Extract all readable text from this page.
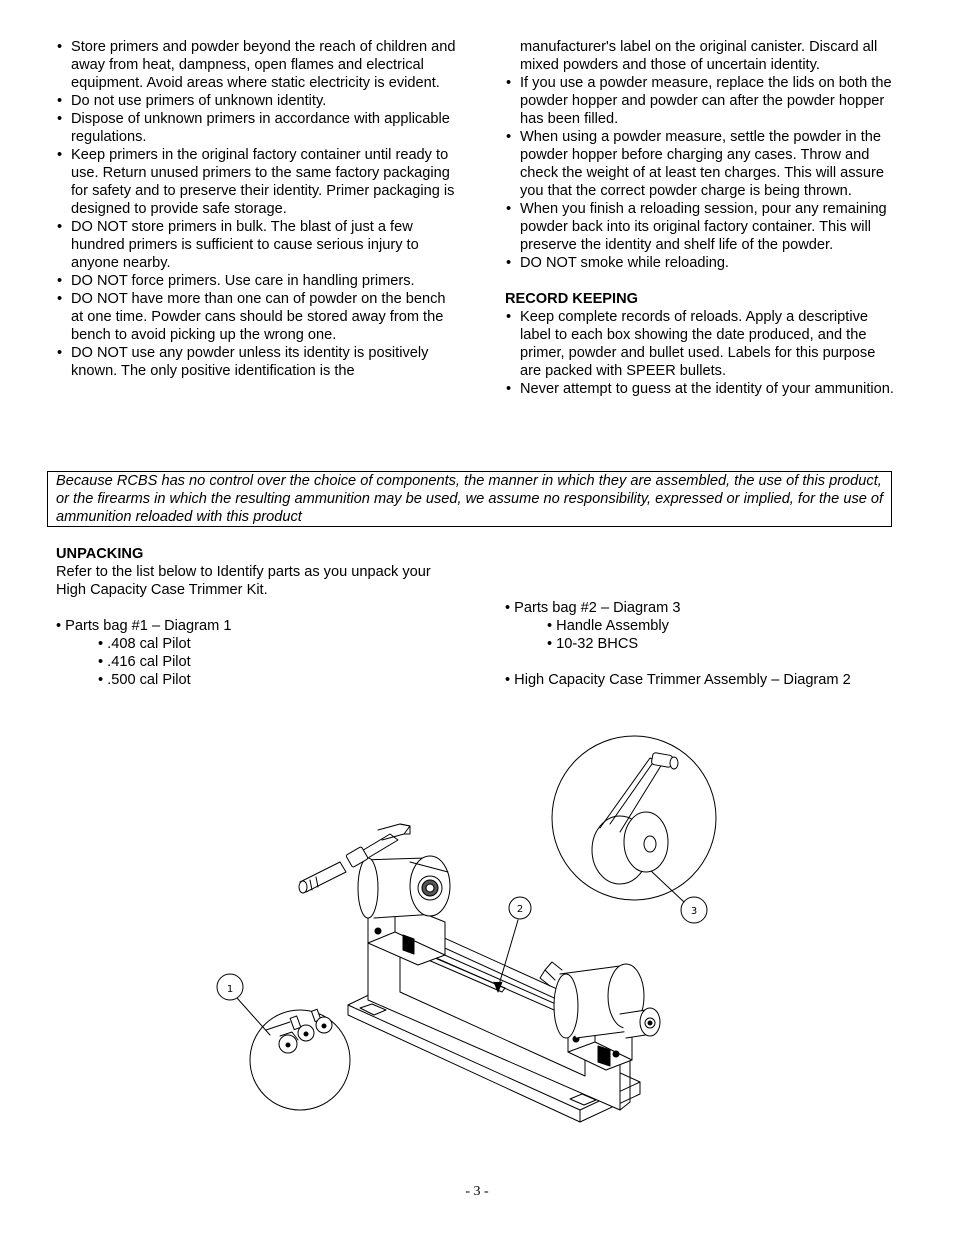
• Store primers and powder beyond the reach of children and away from heat, dampness, open flames and electrical equipment. Avoid areas where static electricity is evident.
• Do not use primers of unknown identity.
• Dispose of unknown primers in accordance with applicable regulations.
• Keep primers in the original factory container until ready to use. Return unused primers to the same factory packaging for safety and to preserve their identity. Primer packaging is designed to provide safe storage.
• DO NOT store primers in bulk. The blast of just a few hundred primers is sufficient to cause serious injury to anyone nearby.
• DO NOT force primers. Use care in handling primers.
• DO NOT have more than one can of powder on the bench at one time. Powder cans should be stored away from the bench to avoid picking up the wrong one.
• DO NOT use any powder unless its identity is positively known. The only positive identification is the
manufacturer's label on the original canister. Discard all mixed powders and those of uncertain identity.
• If you use a powder measure, replace the lids on both the powder hopper and powder can after the powder hopper has been filled.
• When using a powder measure, settle the powder in the powder hopper before charging any cases. Throw and check the weight of at least ten charges. This will assure you that the correct powder charge is being thrown.
• When you finish a reloading session, pour any remaining powder back into its original factory container. This will preserve the identity and shelf life of the powder.
• DO NOT smoke while reloading.

RECORD KEEPING

• Keep complete records of reloads. Apply a descriptive label to each box showing the date produced, and the primer, powder and bullet used. Labels for this purpose are packed with SPEER bullets.
• Never attempt to guess at the identity of your ammunition.
Because RCBS has no control over the choice of components, the manner in which they are assembled, the use of this product, or the firearms in which the resulting ammunition may be used, we assume no responsibility, expressed or implied, for the use of ammunition reloaded with this product

UNPACKING

Refer to the list below to Identify parts as you unpack your High Capacity Case Trimmer Kit.

• Parts bag #1 – Diagram 1

• .408 cal Pilot

• .416 cal Pilot

• .500 cal Pilot

• Parts bag #2 – Diagram 3

• Handle Assembly

• 10-32 BHCS

• High Capacity Case Trimmer Assembly – Diagram 2

1
2	3
- 3 -
